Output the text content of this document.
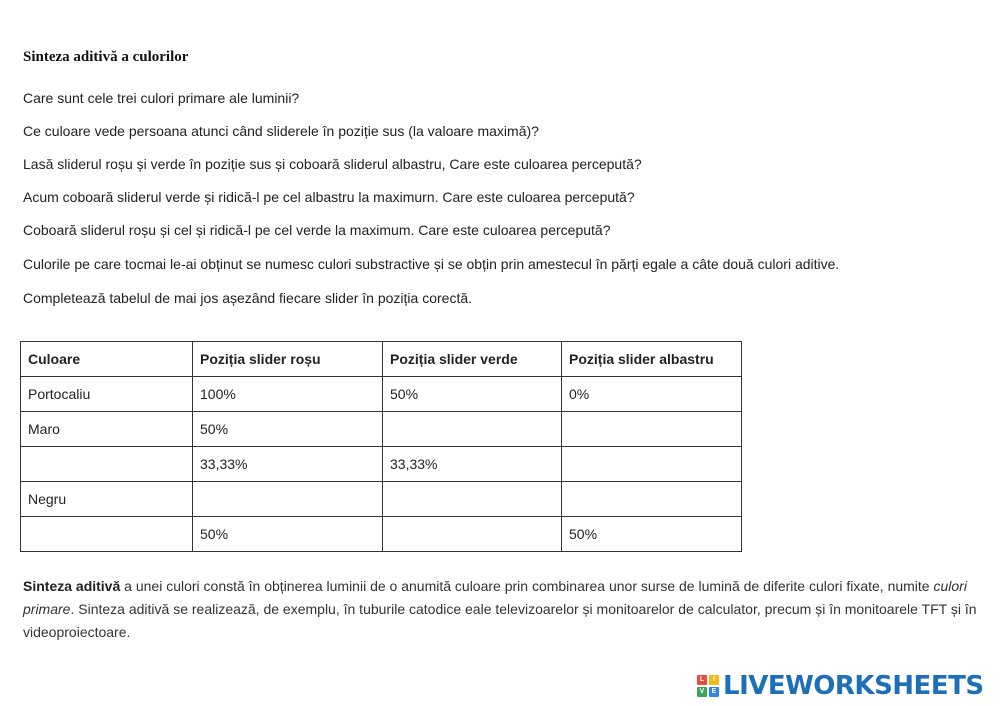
Sinteza aditivă a culorilor
Care sunt cele trei culori primare ale luminii?
Ce culoare vede persoana atunci când sliderele în poziție sus (la valoare maximă)?
Lasă sliderul roșu și verde în poziție sus și coboară sliderul albastru, Care este culoarea percepută?
Acum coboară sliderul verde și ridică-l pe cel albastru la maximurn. Care este culoarea percepută?
Coboară sliderul roșu și cel și ridică-l pe cel verde la maximum. Care este culoarea percepută?
Culorile pe care tocmai le-ai obținut se numesc culori substractive și se obțin prin amestecul în părți egale a câte două culori aditive.
Completează tabelul de mai jos așezând fiecare slider în poziția corectă.
Culoare	Poziția slider roșu	Poziția slider verde	Poziția slider albastru
Portocaliu	100%	50%	0%
Maro	50%		
	33,33%	33,33%	
Negru			
	50%		50%
Sinteza aditivă a unei culori constă în obținerea luminii de o anumită culoare prin combinarea unor surse de lumină de diferite culori fixate, numite culori primare. Sinteza aditivă se realizează, de exemplu, în tuburile catodice eale televizoarelor și monitoarelor de calculator, precum și în monitoarele TFT și în videoproiectoare.
L	I
V	E LIVEWORKSHEETS
